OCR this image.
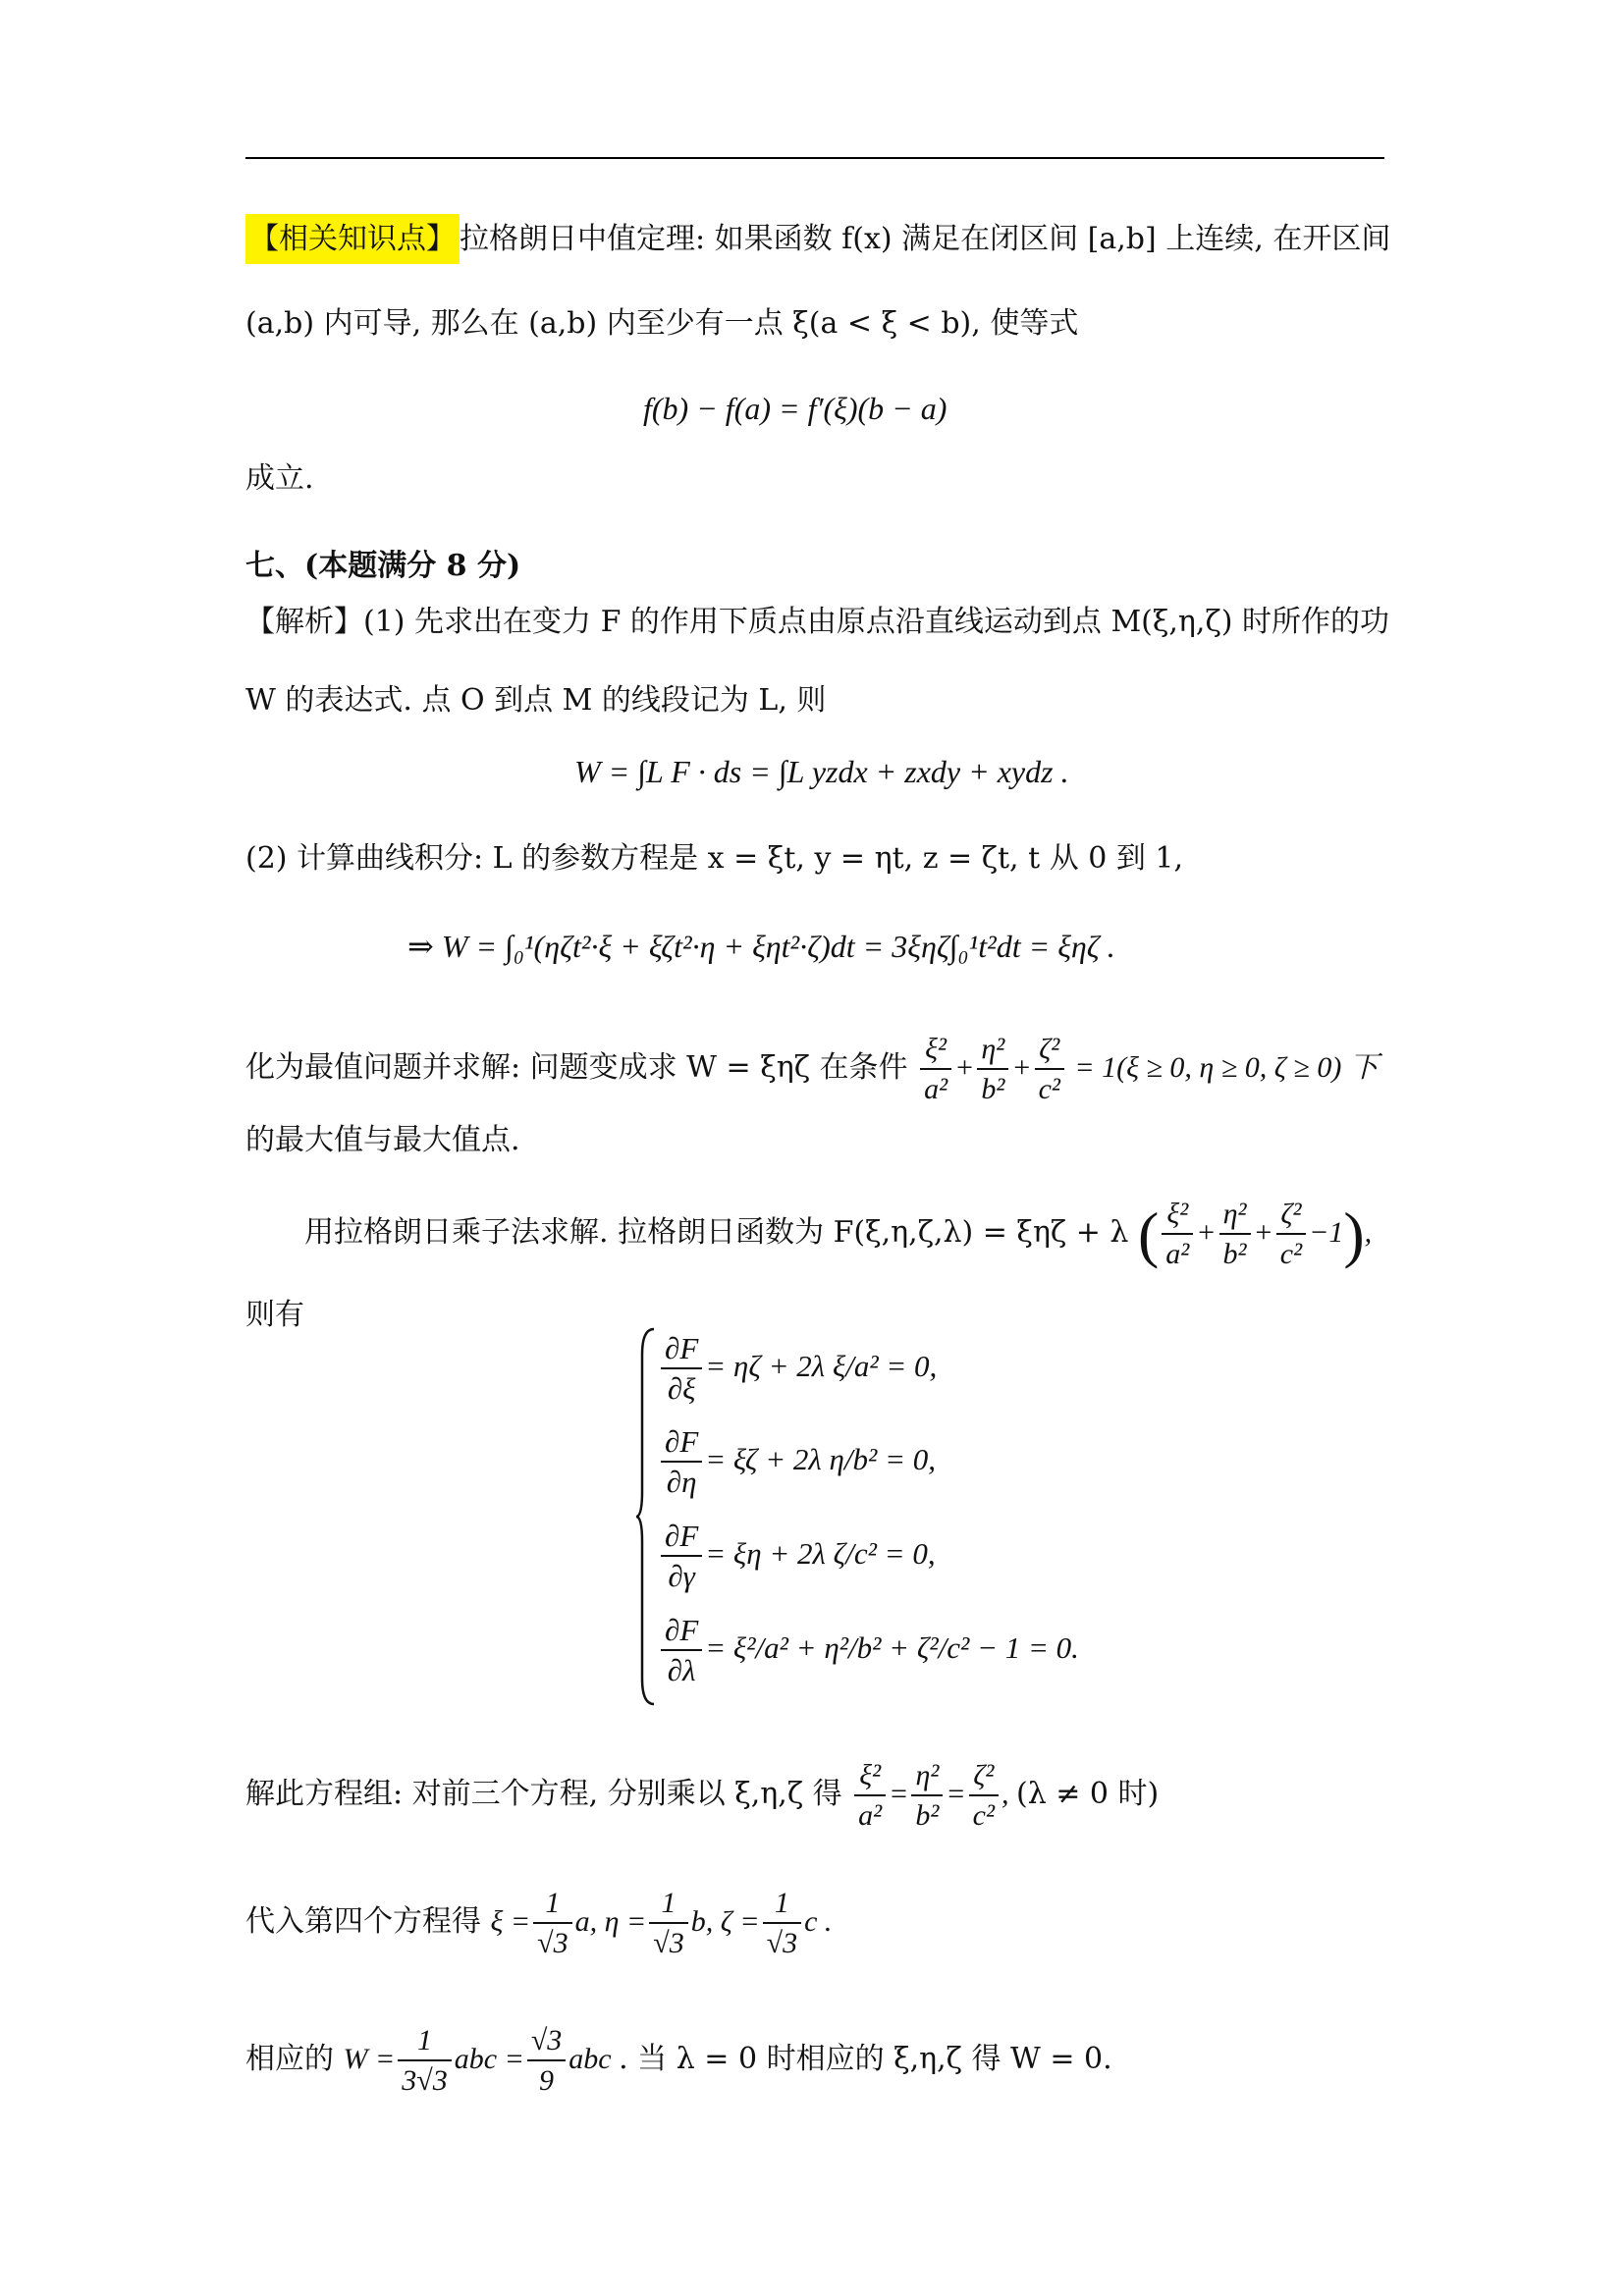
【相关知识点】 拉格朗日中值定理: 如果函数 f(x) 满足在闭区间 [a,b] 上连续, 在开区间
(a,b) 内可导, 那么在 (a,b) 内至少有一点 ξ(a < ξ < b), 使等式
f(b) − f(a) = f′(ξ)(b − a)
成立.
七、(本题满分 8 分)
【解析】(1) 先求出在变力 F 的作用下质点由原点沿直线运动到点 M(ξ,η,ζ) 时所作的功
W 的表达式. 点 O 到点 M 的线段记为 L, 则
W = ∫L F · ds = ∫L yzdx + zxdy + xydz .
(2) 计算曲线积分: L 的参数方程是 x = ξt, y = ηt, z = ζt, t 从 0 到 1,
⇒ W = ∫₀¹(ηζt²·ξ + ξζt²·η + ξηt²·ζ)dt = 3ξηζ∫₀¹t²dt = ξηζ .
化为最值问题并求解: 问题变成求 W = ξηζ 在条件 $\frac{\text{ξ²}}{\text{a²}} + \frac{\text{η²}}{\text{b²}} + \frac{\text{ζ²}}{\text{c²}} = 1(\xi \ge 0$, η ≥ 0, ζ ≥ 0) 下
的最大值与最大值点.
用拉格朗日乘子法求解. 拉格朗日函数为 F(ξ,η,ζ,λ) = ξηζ + λ ( $\frac{\text{ξ²}}{\text{a²}} + \frac{\text{η²}}{\text{b²}} + \frac{\text{ζ²}}{\text{c²}} -1$),
则有
$\frac{\partial F}{\partial\xi} = \eta\zeta + 2\lambda$ ξ/a² = 0,
$\frac{\partial F}{\partial\eta} = \xi\zeta + 2\lambda$ η/b² = 0,
$\frac{\partial F}{\partial\gamma} = \xi\eta + 2\lambda$ ζ/c² = 0,
$\frac{\partial F}{\partial\lambda} = \xi^2/a^2 + \eta^2/b^2 + \zeta^2/c^2 - 1 = 0$.
解此方程组: 对前三个方程, 分别乘以 ξ,η,ζ 得 $\frac{\text{ξ²}}{\text{a²}} = \frac{\text{η²}}{\text{b²}} = \frac{\text{ζ²}}{\text{c²}}$ , (λ ≠ 0 时)
代入第四个方程得 $\xi = \frac{1}{√3} a$, $\eta = \frac{1}{√3} b$, $\zeta = \frac{1}{√3}$ c .
相应的 $W = \frac{1}{3√3}$ abc = $\frac{√3}{9}$ abc . 当 λ = 0 时相应的 ξ,η,ζ 得 W = 0.
